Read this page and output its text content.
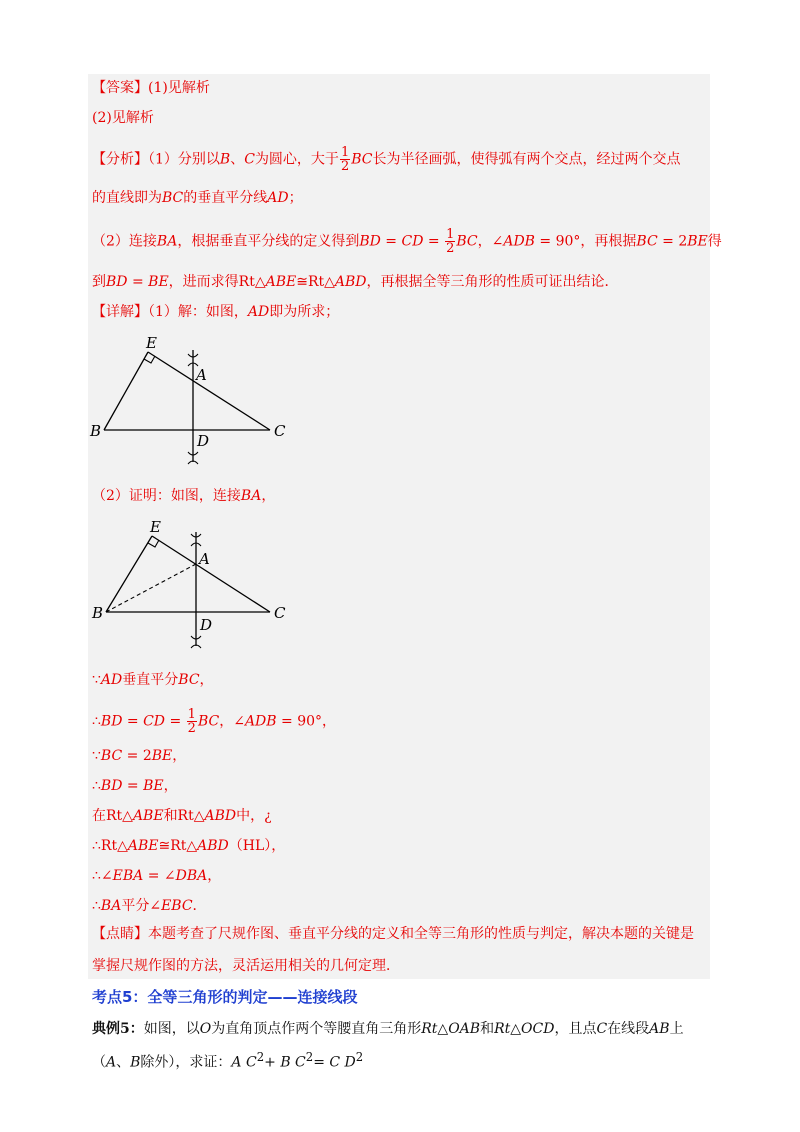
【答案】(1)见解析
(2)见解析
【分析】（1）分别以B、C为圆心，大于 $\frac{1}{2}$ BC长为半径画弧，使得弧有两个交点，经过两个交点
的直线即为BC的垂直平分线AD；
（2）连接BA，根据垂直平分线的定义得到BD = CD = $\frac{1}{2}$ BC，∠ADB = 90°，再根据BC = 2BE得
到BD = BE，进而求得Rt△ABE≅Rt△ABD，再根据全等三角形的性质可证出结论．
【详解】（1）解：如图，AD即为所求；
E
A
B	C
D
（2）证明：如图，连接BA，
E
A
B	C
D
∵AD垂直平分BC，
∴BD = CD = $\frac{1}{2}$ BC，∠ADB = 90°，
∵BC = 2BE，
∴BD = BE，
在Rt△ABE和Rt△ABD中，¿
∴Rt△ABE≅Rt△ABD（HL），
∴∠EBA = ∠DBA，
∴BA平分∠EBC．
【点睛】本题考查了尺规作图、垂直平分线的定义和全等三角形的性质与判定，解决本题的关键是
掌握尺规作图的方法，灵活运用相关的几何定理．
考点5：全等三角形的判定——连接线段
典例5：如图，以O为直角顶点作两个等腰直角三角形Rt△OAB和Rt△OCD，且点C在线段AB上
（A、B除外），求证：A $C^2+ B$ $C^2= C$ $D^2$
